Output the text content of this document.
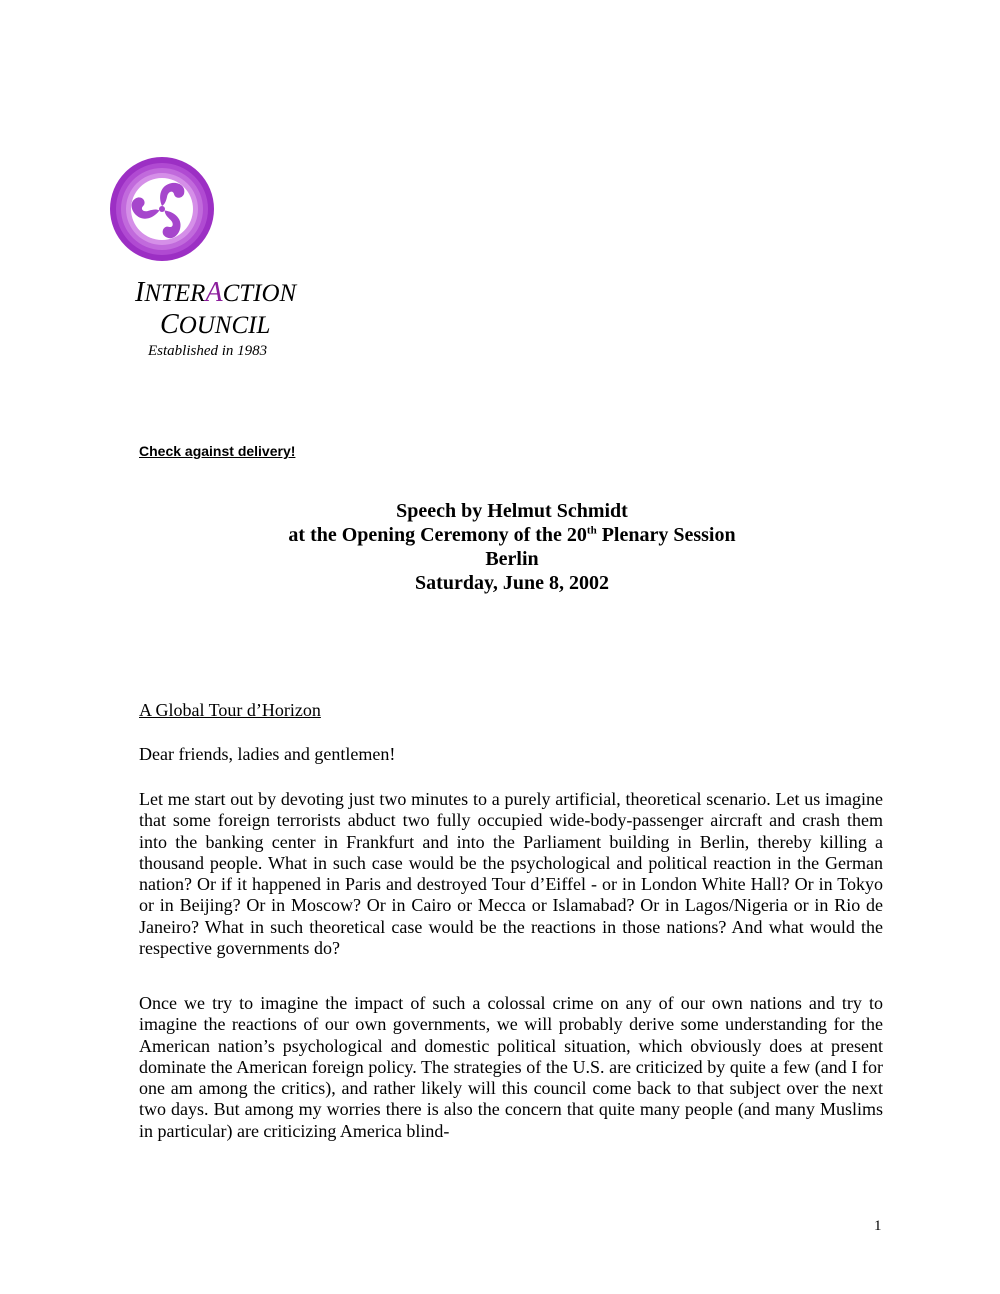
INTERACTION
COUNCIL
Established in 1983
Check against delivery!
Speech by Helmut Schmidt
at the Opening Ceremony of the 20th Plenary Session
Berlin
Saturday, June 8, 2002
A Global Tour d’Horizon
Dear friends, ladies and gentlemen!
Let me start out by devoting just two minutes to a purely artificial, theoretical scenario. Let us imagine that some foreign terrorists abduct two fully occupied wide-body-passenger aircraft and crash them into the banking center in Frankfurt and into the Parliament building in Berlin, thereby killing a thousand people. What in such case would be the psychological and political reaction in the German nation? Or if it happened in Paris and destroyed Tour d’Eiffel - or in London White Hall? Or in Tokyo or in Beijing? Or in Moscow? Or in Cairo or Mecca or Islamabad? Or in Lagos/Nigeria or in Rio de Janeiro? What in such theoretical case would be the reactions in those nations? And what would the respective governments do?
Once we try to imagine the impact of such a colossal crime on any of our own nations and try to imagine the reactions of our own governments, we will probably derive some understanding for the American nation’s psychological and domestic political situation, which obviously does at present dominate the American foreign policy. The strategies of the U.S. are criticized by quite a few (and I for one am among the critics), and rather likely will this council come back to that subject over the next two days. But among my worries there is also the concern that quite many people (and many Muslims in particular) are criticizing America blind-
1
